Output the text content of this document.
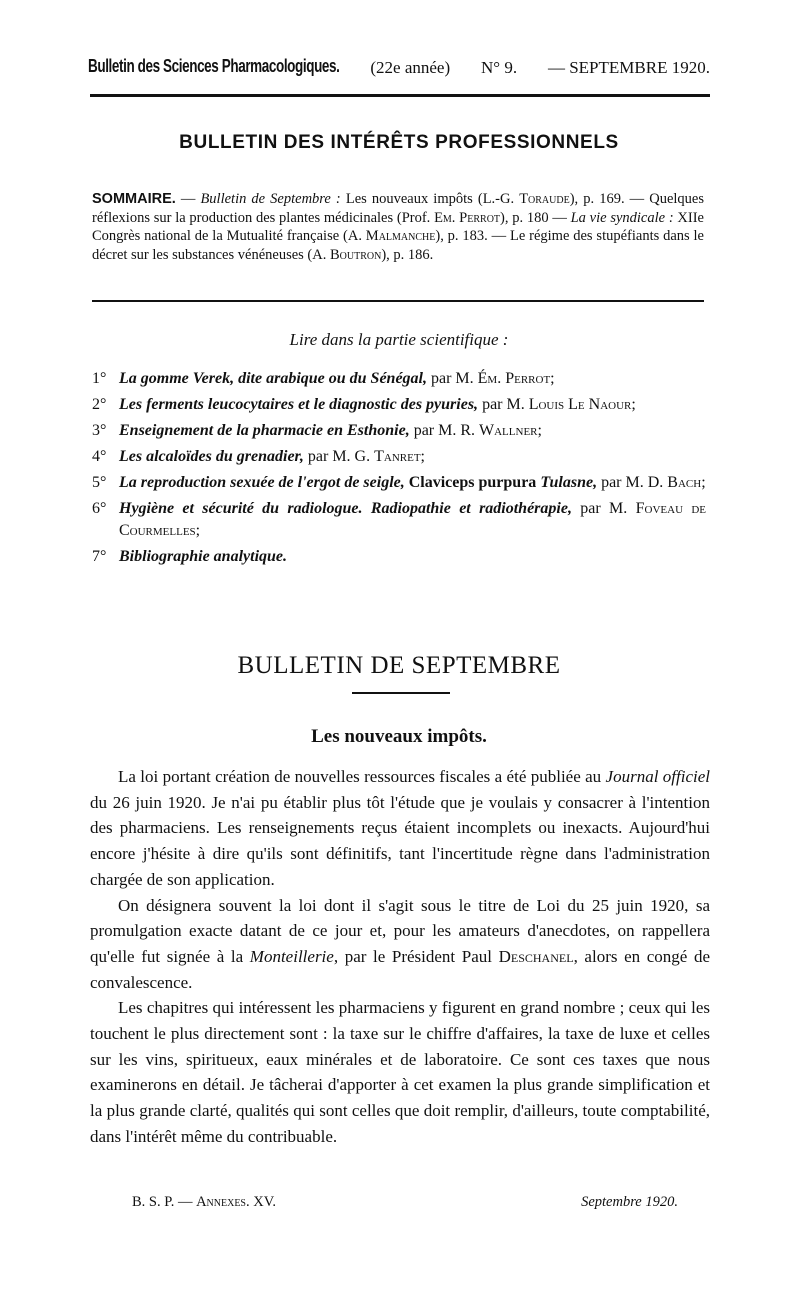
Bulletin des Sciences Pharmacologiques. (22e année) N° 9. — SEPTEMBRE 1920.
BULLETIN DES INTÉRÊTS PROFESSIONNELS
SOMMAIRE. — Bulletin de Septembre : Les nouveaux impôts (L.-G. Toraude), p. 169. — Quelques réflexions sur la production des plantes médicinales (Prof. Em. Perrot), p. 180 — La vie syndicale : XIIe Congrès national de la Mutualité française (A. Malmanche), p. 183. — Le régime des stupéfiants dans le décret sur les substances vénéneuses (A. Boutron), p. 186.
Lire dans la partie scientifique :
1° La gomme Verek, dite arabique ou du Sénégal, par M. Ém. Perrot;
2° Les ferments leucocytaires et le diagnostic des pyuries, par M. Louis Le Naour;
3° Enseignement de la pharmacie en Esthonie, par M. R. Wallner;
4° Les alcaloïdes du grenadier, par M. G. Tanret;
5° La reproduction sexuée de l'ergot de seigle, Claviceps purpura Tulasne, par M. D. Bach;
6° Hygiène et sécurité du radiologue. Radiopathie et radiothérapie, par M. Foveau de Courmelles;
7° Bibliographie analytique.
BULLETIN DE SEPTEMBRE
Les nouveaux impôts.

La loi portant création de nouvelles ressources fiscales a été publiée au Journal officiel du 26 juin 1920. Je n'ai pu établir plus tôt l'étude que je voulais y consacrer à l'intention des pharmaciens. Les renseignements reçus étaient incomplets ou inexacts. Aujourd'hui encore j'hésite à dire qu'ils sont définitifs, tant l'incertitude règne dans l'administration chargée de son application.

On désignera souvent la loi dont il s'agit sous le titre de Loi du 25 juin 1920, sa promulgation exacte datant de ce jour et, pour les amateurs d'anecdotes, on rappellera qu'elle fut signée à la Monteillerie, par le Président Paul Deschanel, alors en congé de convalescence.

Les chapitres qui intéressent les pharmaciens y figurent en grand nombre ; ceux qui les touchent le plus directement sont : la taxe sur le chiffre d'affaires, la taxe de luxe et celles sur les vins, spiritueux, eaux minérales et de laboratoire. Ce sont ces taxes que nous examinerons en détail. Je tâcherai d'apporter à cet examen la plus grande simplification et la plus grande clarté, qualités qui sont celles que doit remplir, d'ailleurs, toute comptabilité, dans l'intérêt même du contribuable.

B. S. P. — Annexes. XV.	Septembre 1920.
